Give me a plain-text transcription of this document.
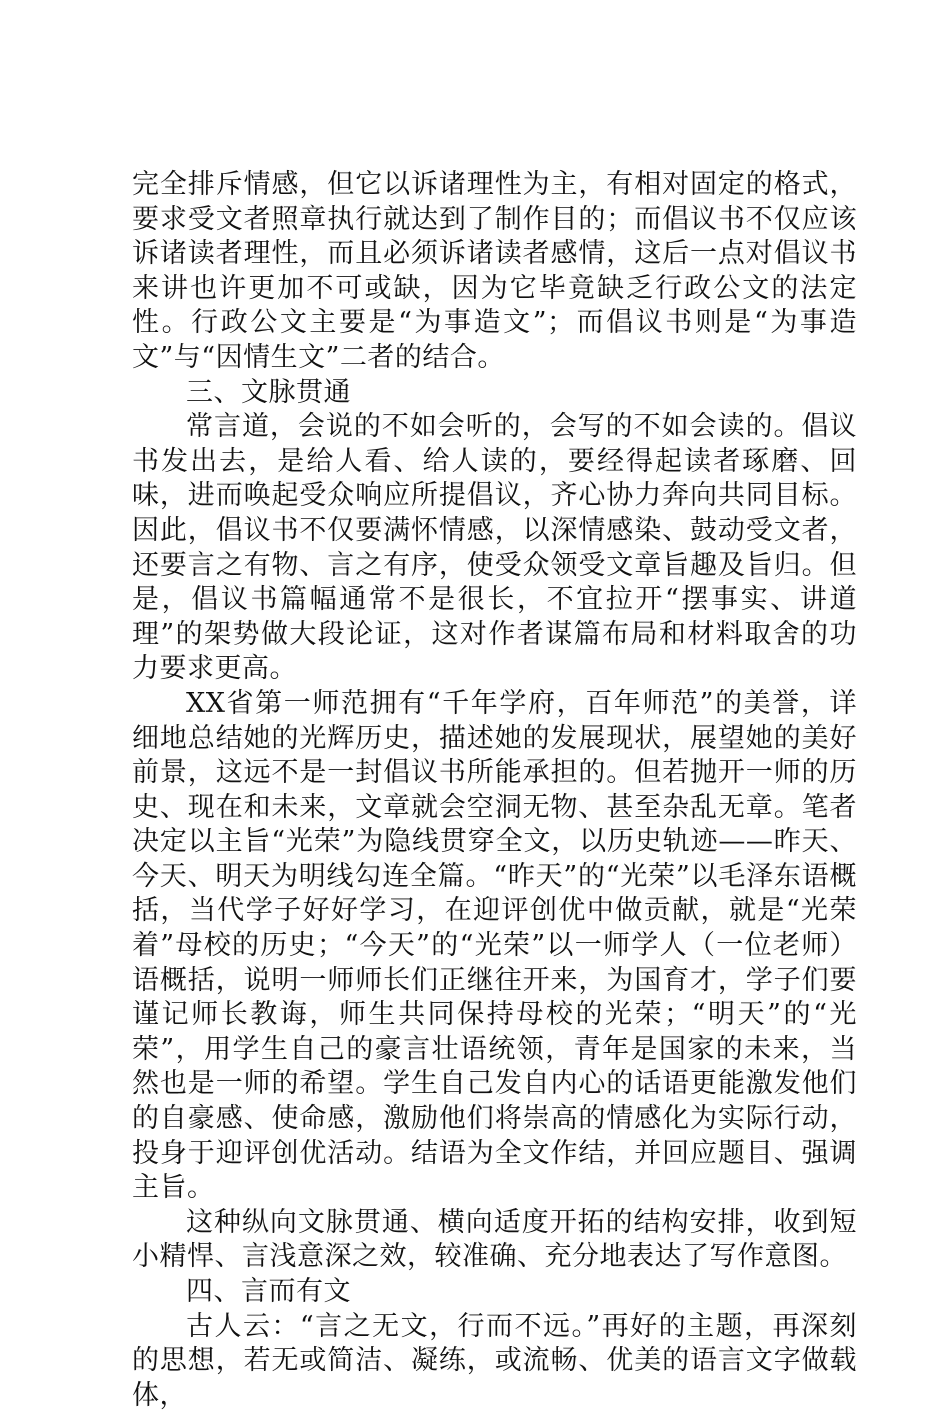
完全排斥情感，但它以诉诸理性为主，有相对固定的格式，要求受文者照章执行就达到了制作目的；而倡议书不仅应该诉诸读者理性，而且必须诉诸读者感情，这后一点对倡议书来讲也许更加不可或缺，因为它毕竟缺乏行政公文的法定性。行政公文主要是“为事造文”；而倡议书则是“为事造文”与“因情生文”二者的结合。

三、文脉贯通

常言道，会说的不如会听的，会写的不如会读的。倡议书发出去，是给人看、给人读的，要经得起读者琢磨、回味，进而唤起受众响应所提倡议，齐心协力奔向共同目标。因此，倡议书不仅要满怀情感，以深情感染、鼓动受文者，还要言之有物、言之有序，使受众领受文章旨趣及旨归。但是，倡议书篇幅通常不是很长，不宜拉开“摆事实、讲道理”的架势做大段论证，这对作者谋篇布局和材料取舍的功力要求更高。

XX省第一师范拥有“千年学府，百年师范”的美誉，详细地总结她的光辉历史，描述她的发展现状，展望她的美好前景，这远不是一封倡议书所能承担的。但若抛开一师的历史、现在和未来，文章就会空洞无物、甚至杂乱无章。笔者决定以主旨“光荣”为隐线贯穿全文，以历史轨迹——昨天、今天、明天为明线勾连全篇。“昨天”的“光荣”以毛泽东语概括，当代学子好好学习，在迎评创优中做贡献，就是“光荣着”母校的历史；“今天”的“光荣”以一师学人（一位老师）语概括，说明一师师长们正继往开来，为国育才，学子们要谨记师长教诲，师生共同保持母校的光荣；“明天”的“光荣”，用学生自己的豪言壮语统领，青年是国家的未来，当然也是一师的希望。学生自己发自内心的话语更能激发他们的自豪感、使命感，激励他们将崇高的情感化为实际行动，投身于迎评创优活动。结语为全文作结，并回应题目、强调主旨。

这种纵向文脉贯通、横向适度开拓的结构安排，收到短小精悍、言浅意深之效，较准确、充分地表达了写作意图。

四、言而有文

古人云：“言之无文，行而不远。”再好的主题，再深刻的思想，若无或简洁、凝练，或流畅、优美的语言文字做载体，
